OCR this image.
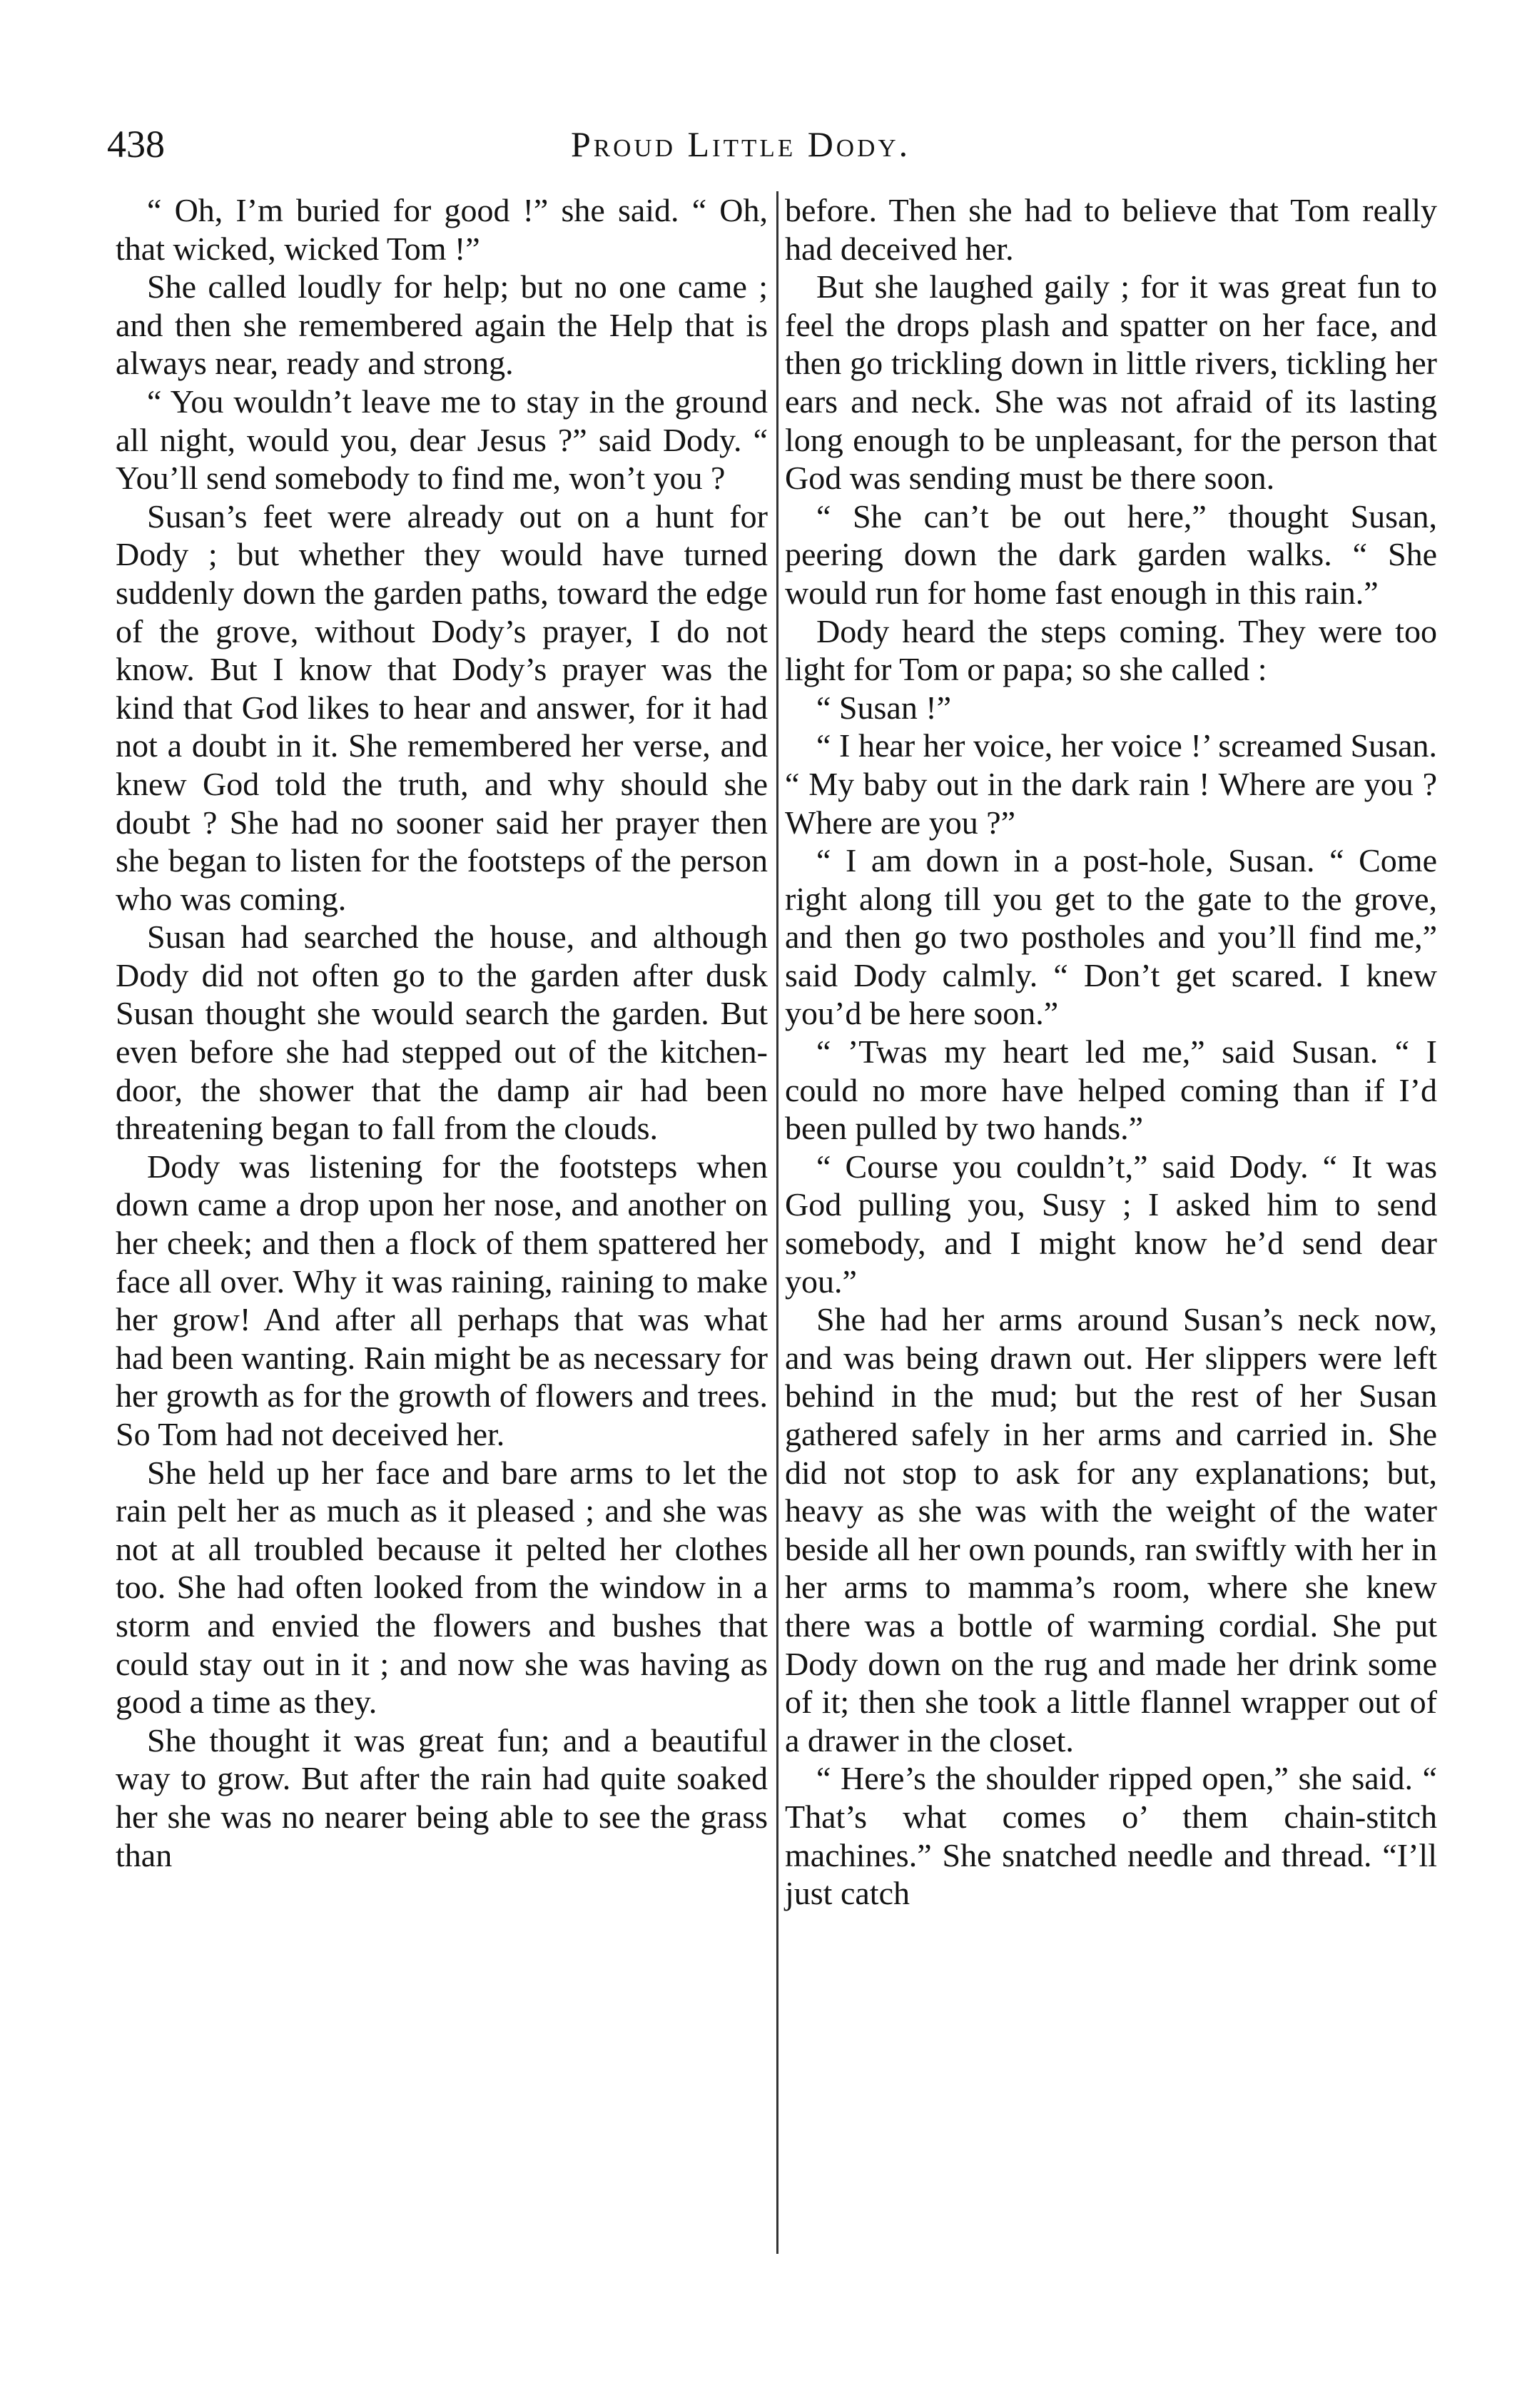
438	Proud Little Dody.

“ Oh, I’m buried for good !” she said. “ Oh, that wicked, wicked Tom !”

She called loudly for help; but no one came ; and then she remembered again the Help that is always near, ready and strong.

“ You wouldn’t leave me to stay in the ground all night, would you, dear Jesus ?” said Dody. “ You’ll send somebody to find me, won’t you ?

Susan’s feet were already out on a hunt for Dody ; but whether they would have turned suddenly down the garden paths, toward the edge of the grove, without Dody’s prayer, I do not know. But I know that Dody’s prayer was the kind that God likes to hear and answer, for it had not a doubt in it. She remembered her verse, and knew God told the truth, and why should she doubt ? She had no sooner said her prayer then she began to listen for the footsteps of the person who was coming.

Susan had searched the house, and although Dody did not often go to the garden after dusk Susan thought she would search the garden. But even before she had stepped out of the kitchen-door, the shower that the damp air had been threatening began to fall from the clouds.

Dody was listening for the footsteps when down came a drop upon her nose, and another on her cheek; and then a flock of them spattered her face all over. Why it was raining, raining to make her grow! And after all perhaps that was what had been wanting. Rain might be as necessary for her growth as for the growth of flowers and trees. So Tom had not deceived her.

She held up her face and bare arms to let the rain pelt her as much as it pleased ; and she was not at all troubled because it pelted her clothes too. She had often looked from the window in a storm and envied the flowers and bushes that could stay out in it ; and now she was having as good a time as they.

She thought it was great fun; and a beautiful way to grow. But after the rain had quite soaked her she was no nearer being able to see the grass than

before. Then she had to believe that Tom really had deceived her.

But she laughed gaily ; for it was great fun to feel the drops plash and spatter on her face, and then go trickling down in little rivers, tickling her ears and neck. She was not afraid of its lasting long enough to be unpleasant, for the person that God was sending must be there soon.

“ She can’t be out here,” thought Susan, peering down the dark garden walks. “ She would run for home fast enough in this rain.”

Dody heard the steps coming. They were too light for Tom or papa; so she called :

“ Susan !”

“ I hear her voice, her voice !’ screamed Susan. “ My baby out in the dark rain ! Where are you ? Where are you ?”

“ I am down in a post-hole, Susan. “ Come right along till you get to the gate to the grove, and then go two postholes and you’ll find me,” said Dody calmly. “ Don’t get scared. I knew you’d be here soon.”

“ ’Twas my heart led me,” said Susan. “ I could no more have helped coming than if I’d been pulled by two hands.”

“ Course you couldn’t,” said Dody. “ It was God pulling you, Susy ; I asked him to send somebody, and I might know he’d send dear you.”

She had her arms around Susan’s neck now, and was being drawn out. Her slippers were left behind in the mud; but the rest of her Susan gathered safely in her arms and carried in. She did not stop to ask for any explanations; but, heavy as she was with the weight of the water beside all her own pounds, ran swiftly with her in her arms to mamma’s room, where she knew there was a bottle of warming cordial. She put Dody down on the rug and made her drink some of it; then she took a little flannel wrapper out of a drawer in the closet.

“ Here’s the shoulder ripped open,” she said. “ That’s what comes o’ them chain-stitch machines.” She snatched needle and thread. “I’ll just catch
